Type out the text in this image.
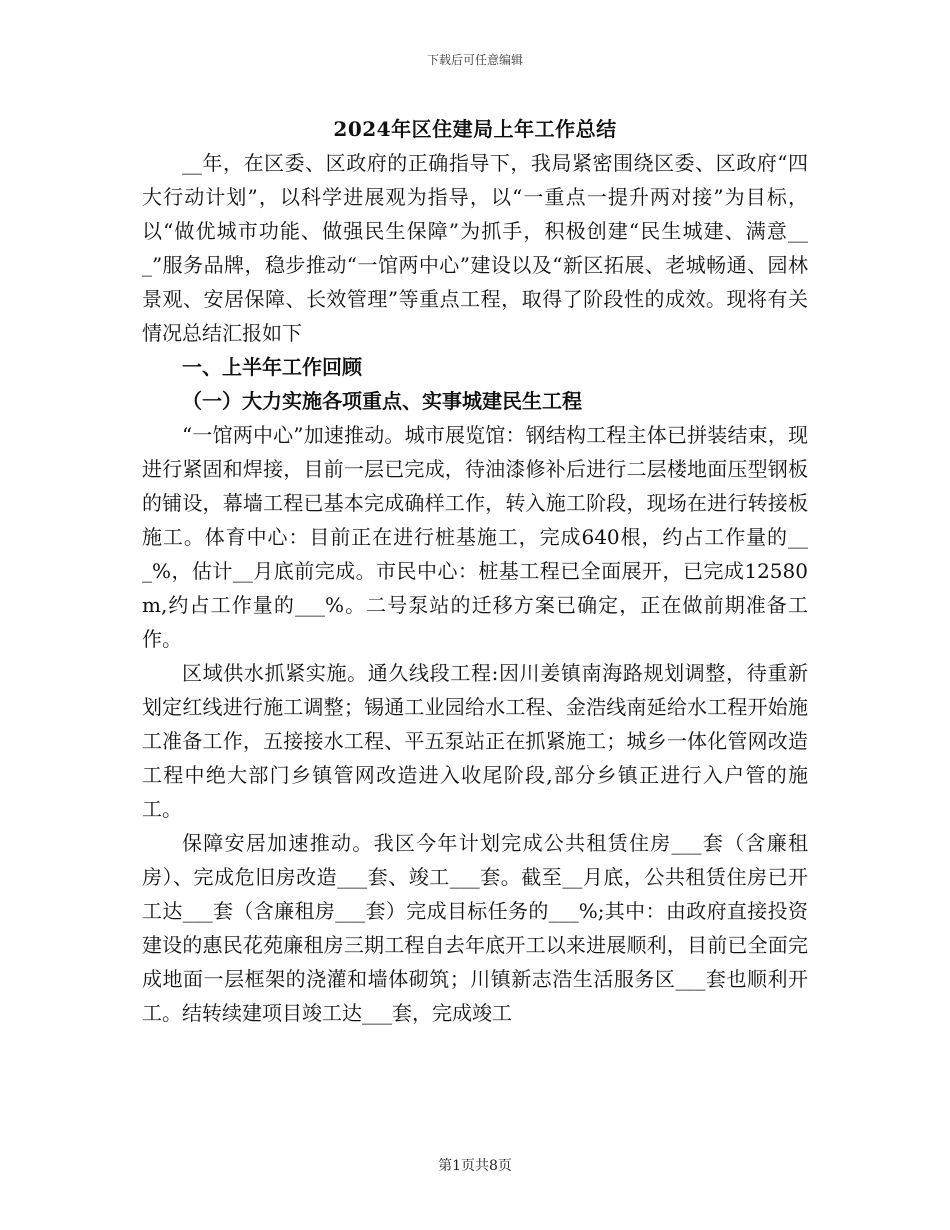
下载后可任意编辑
2024年区住建局上年工作总结

__年，在区委、区政府的正确指导下，我局紧密围绕区委、区政府“四大行动计划”，以科学进展观为指导，以“一重点一提升两对接”为目标，以“做优城市功能、做强民生保障”为抓手，积极创建“民生城建、满意___”服务品牌，稳步推动“一馆两中心”建设以及“新区拓展、老城畅通、园林景观、安居保障、长效管理”等重点工程，取得了阶段性的成效。现将有关情况总结汇报如下

一、上半年工作回顾

（一）大力实施各项重点、实事城建民生工程

“一馆两中心”加速推动。城市展览馆：钢结构工程主体已拼装结束，现进行紧固和焊接，目前一层已完成，待油漆修补后进行二层楼地面压型钢板的铺设，幕墙工程已基本完成确样工作，转入施工阶段，现场在进行转接板施工。体育中心：目前正在进行桩基施工，完成640根，约占工作量的___%，估计__月底前完成。市民中心：桩基工程已全面展开，已完成12580m,约占工作量的___%。二号泵站的迁移方案已确定，正在做前期准备工作。

区域供水抓紧实施。通久线段工程:因川姜镇南海路规划调整，待重新划定红线进行施工调整；锡通工业园给水工程、金浩线南延给水工程开始施工准备工作，五接接水工程、平五泵站正在抓紧施工；城乡一体化管网改造工程中绝大部门乡镇管网改造进入收尾阶段,部分乡镇正进行入户管的施工。

保障安居加速推动。我区今年计划完成公共租赁住房___套（含廉租房）、完成危旧房改造___套、竣工___套。截至__月底，公共租赁住房已开工达___套（含廉租房___套）完成目标任务的___%;其中：由政府直接投资建设的惠民花苑廉租房三期工程自去年底开工以来进展顺利，目前已全面完成地面一层框架的浇灌和墙体砌筑；川镇新志浩生活服务区___套也顺利开工。结转续建项目竣工达___套，完成竣工

第1页共8页
